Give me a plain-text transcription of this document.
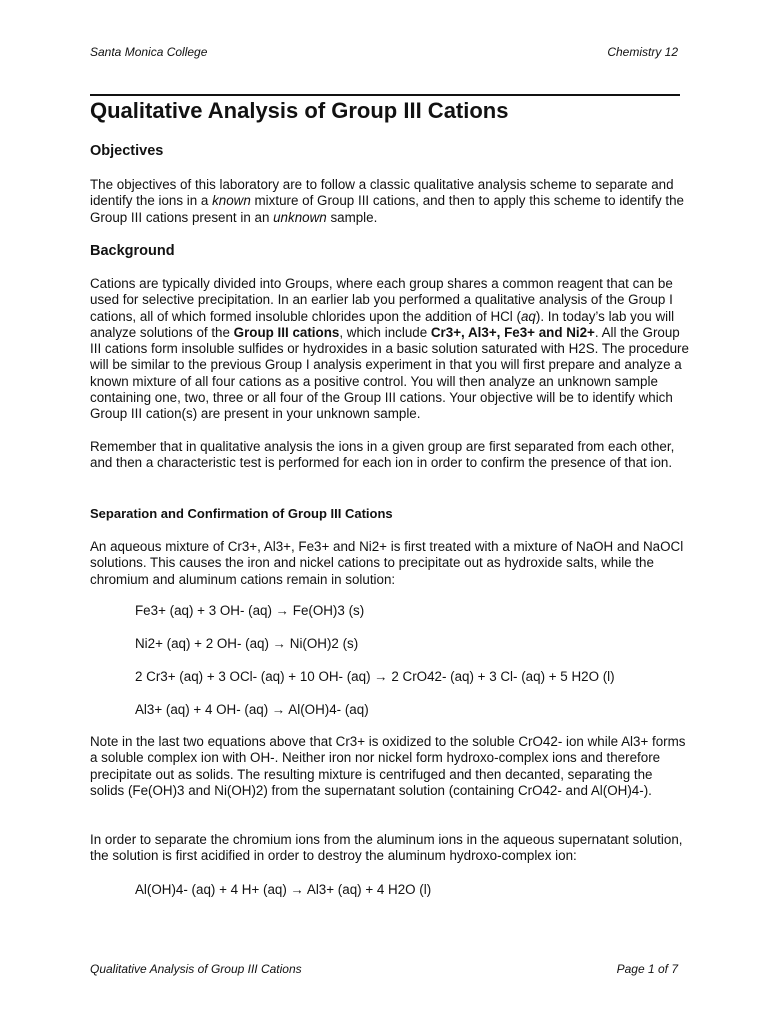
Santa Monica College	Chemistry 12
Qualitative Analysis of Group III Cations
Objectives
The objectives of this laboratory are to follow a classic qualitative analysis scheme to separate and identify the ions in a known mixture of Group III cations, and then to apply this scheme to identify the Group III cations present in an unknown sample.
Background
Cations are typically divided into Groups, where each group shares a common reagent that can be used for selective precipitation. In an earlier lab you performed a qualitative analysis of the Group I cations, all of which formed insoluble chlorides upon the addition of HCl (aq). In today’s lab you will analyze solutions of the Group III cations, which include Cr3+, Al3+, Fe3+ and Ni2+. All the Group III cations form insoluble sulfides or hydroxides in a basic solution saturated with H2S. The procedure will be similar to the previous Group I analysis experiment in that you will first prepare and analyze a known mixture of all four cations as a positive control. You will then analyze an unknown sample containing one, two, three or all four of the Group III cations. Your objective will be to identify which Group III cation(s) are present in your unknown sample.
Remember that in qualitative analysis the ions in a given group are first separated from each other, and then a characteristic test is performed for each ion in order to confirm the presence of that ion.
Separation and Confirmation of Group III Cations
An aqueous mixture of Cr3+, Al3+, Fe3+ and Ni2+ is first treated with a mixture of NaOH and NaOCl solutions. This causes the iron and nickel cations to precipitate out as hydroxide salts, while the chromium and aluminum cations remain in solution:
Fe3+ (aq) + 3 OH- (aq) → Fe(OH)3 (s)
Ni2+ (aq) + 2 OH- (aq) → Ni(OH)2 (s)
2 Cr3+ (aq) + 3 OCl- (aq) + 10 OH- (aq) → 2 CrO42- (aq) + 3 Cl- (aq) + 5 H2O (l)
Al3+ (aq) + 4 OH- (aq) → Al(OH)4- (aq)
Note in the last two equations above that Cr3+ is oxidized to the soluble CrO42- ion while Al3+ forms a soluble complex ion with OH-. Neither iron nor nickel form hydroxo-complex ions and therefore precipitate out as solids. The resulting mixture is centrifuged and then decanted, separating the solids (Fe(OH)3 and Ni(OH)2) from the supernatant solution (containing CrO42- and Al(OH)4-).
In order to separate the chromium ions from the aluminum ions in the aqueous supernatant solution, the solution is first acidified in order to destroy the aluminum hydroxo-complex ion:
Al(OH)4- (aq) + 4 H+ (aq) → Al3+ (aq) + 4 H2O (l)
Qualitative Analysis of Group III Cations	Page 1 of 7
